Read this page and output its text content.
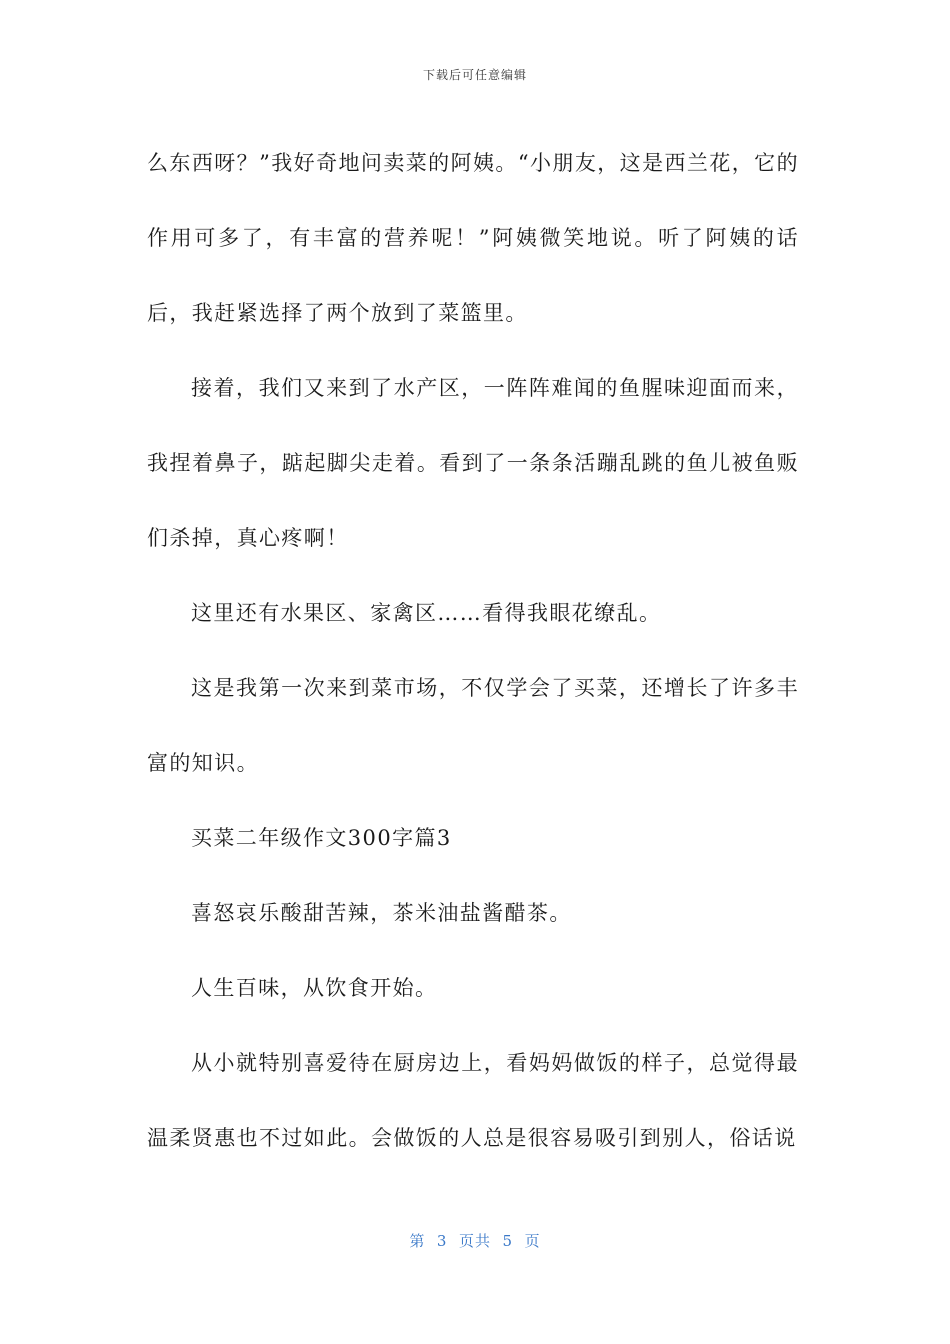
下载后可任意编辑

么东西呀？”我好奇地问卖菜的阿姨。“小朋友，这是西兰花，它的作用可多了，有丰富的营养呢！”阿姨微笑地说。听了阿姨的话后，我赶紧选择了两个放到了菜篮里。

接着，我们又来到了水产区，一阵阵难闻的鱼腥味迎面而来，我捏着鼻子，踮起脚尖走着。看到了一条条活蹦乱跳的鱼儿被鱼贩们杀掉，真心疼啊！

这里还有水果区、家禽区……看得我眼花缭乱。

这是我第一次来到菜市场，不仅学会了买菜，还增长了许多丰富的知识。

买菜二年级作文300字篇3

喜怒哀乐酸甜苦辣，茶米油盐酱醋茶。

人生百味，从饮食开始。

从小就特别喜爱待在厨房边上，看妈妈做饭的样子，总觉得最温柔贤惠也不过如此。会做饭的人总是很容易吸引到别人，俗话说

第  3  页共  5  页
